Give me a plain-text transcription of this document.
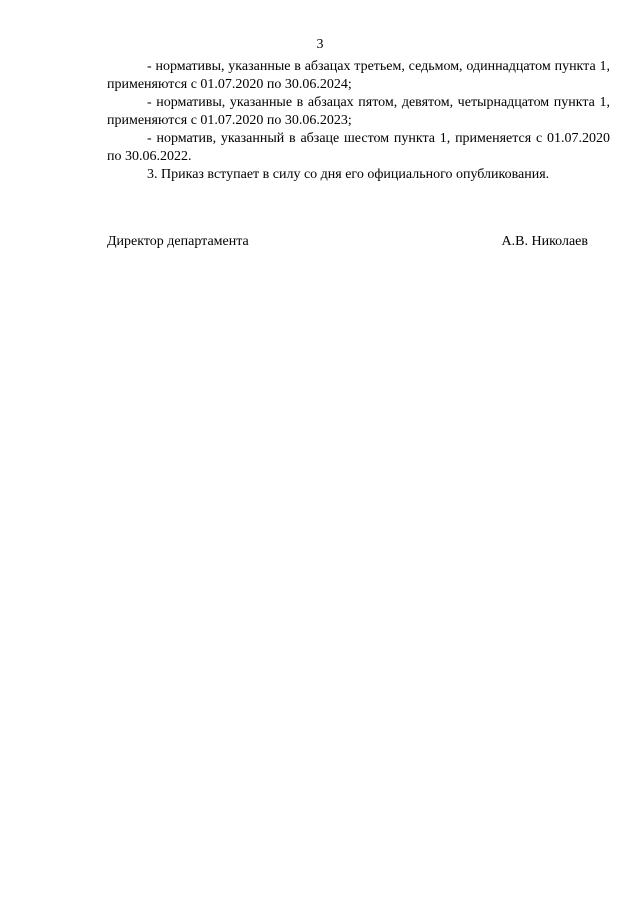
3

- нормативы, указанные в абзацах третьем, седьмом, одиннадцатом пункта 1, применяются с 01.07.2020 по 30.06.2024;

- нормативы, указанные в абзацах пятом, девятом, четырнадцатом пункта 1, применяются с 01.07.2020 по 30.06.2023;

- норматив, указанный в абзаце шестом пункта 1, применяется с 01.07.2020 по 30.06.2022.

3. Приказ вступает в силу со дня его официального опубликования.

Директор департамента	А.В. Николаев
